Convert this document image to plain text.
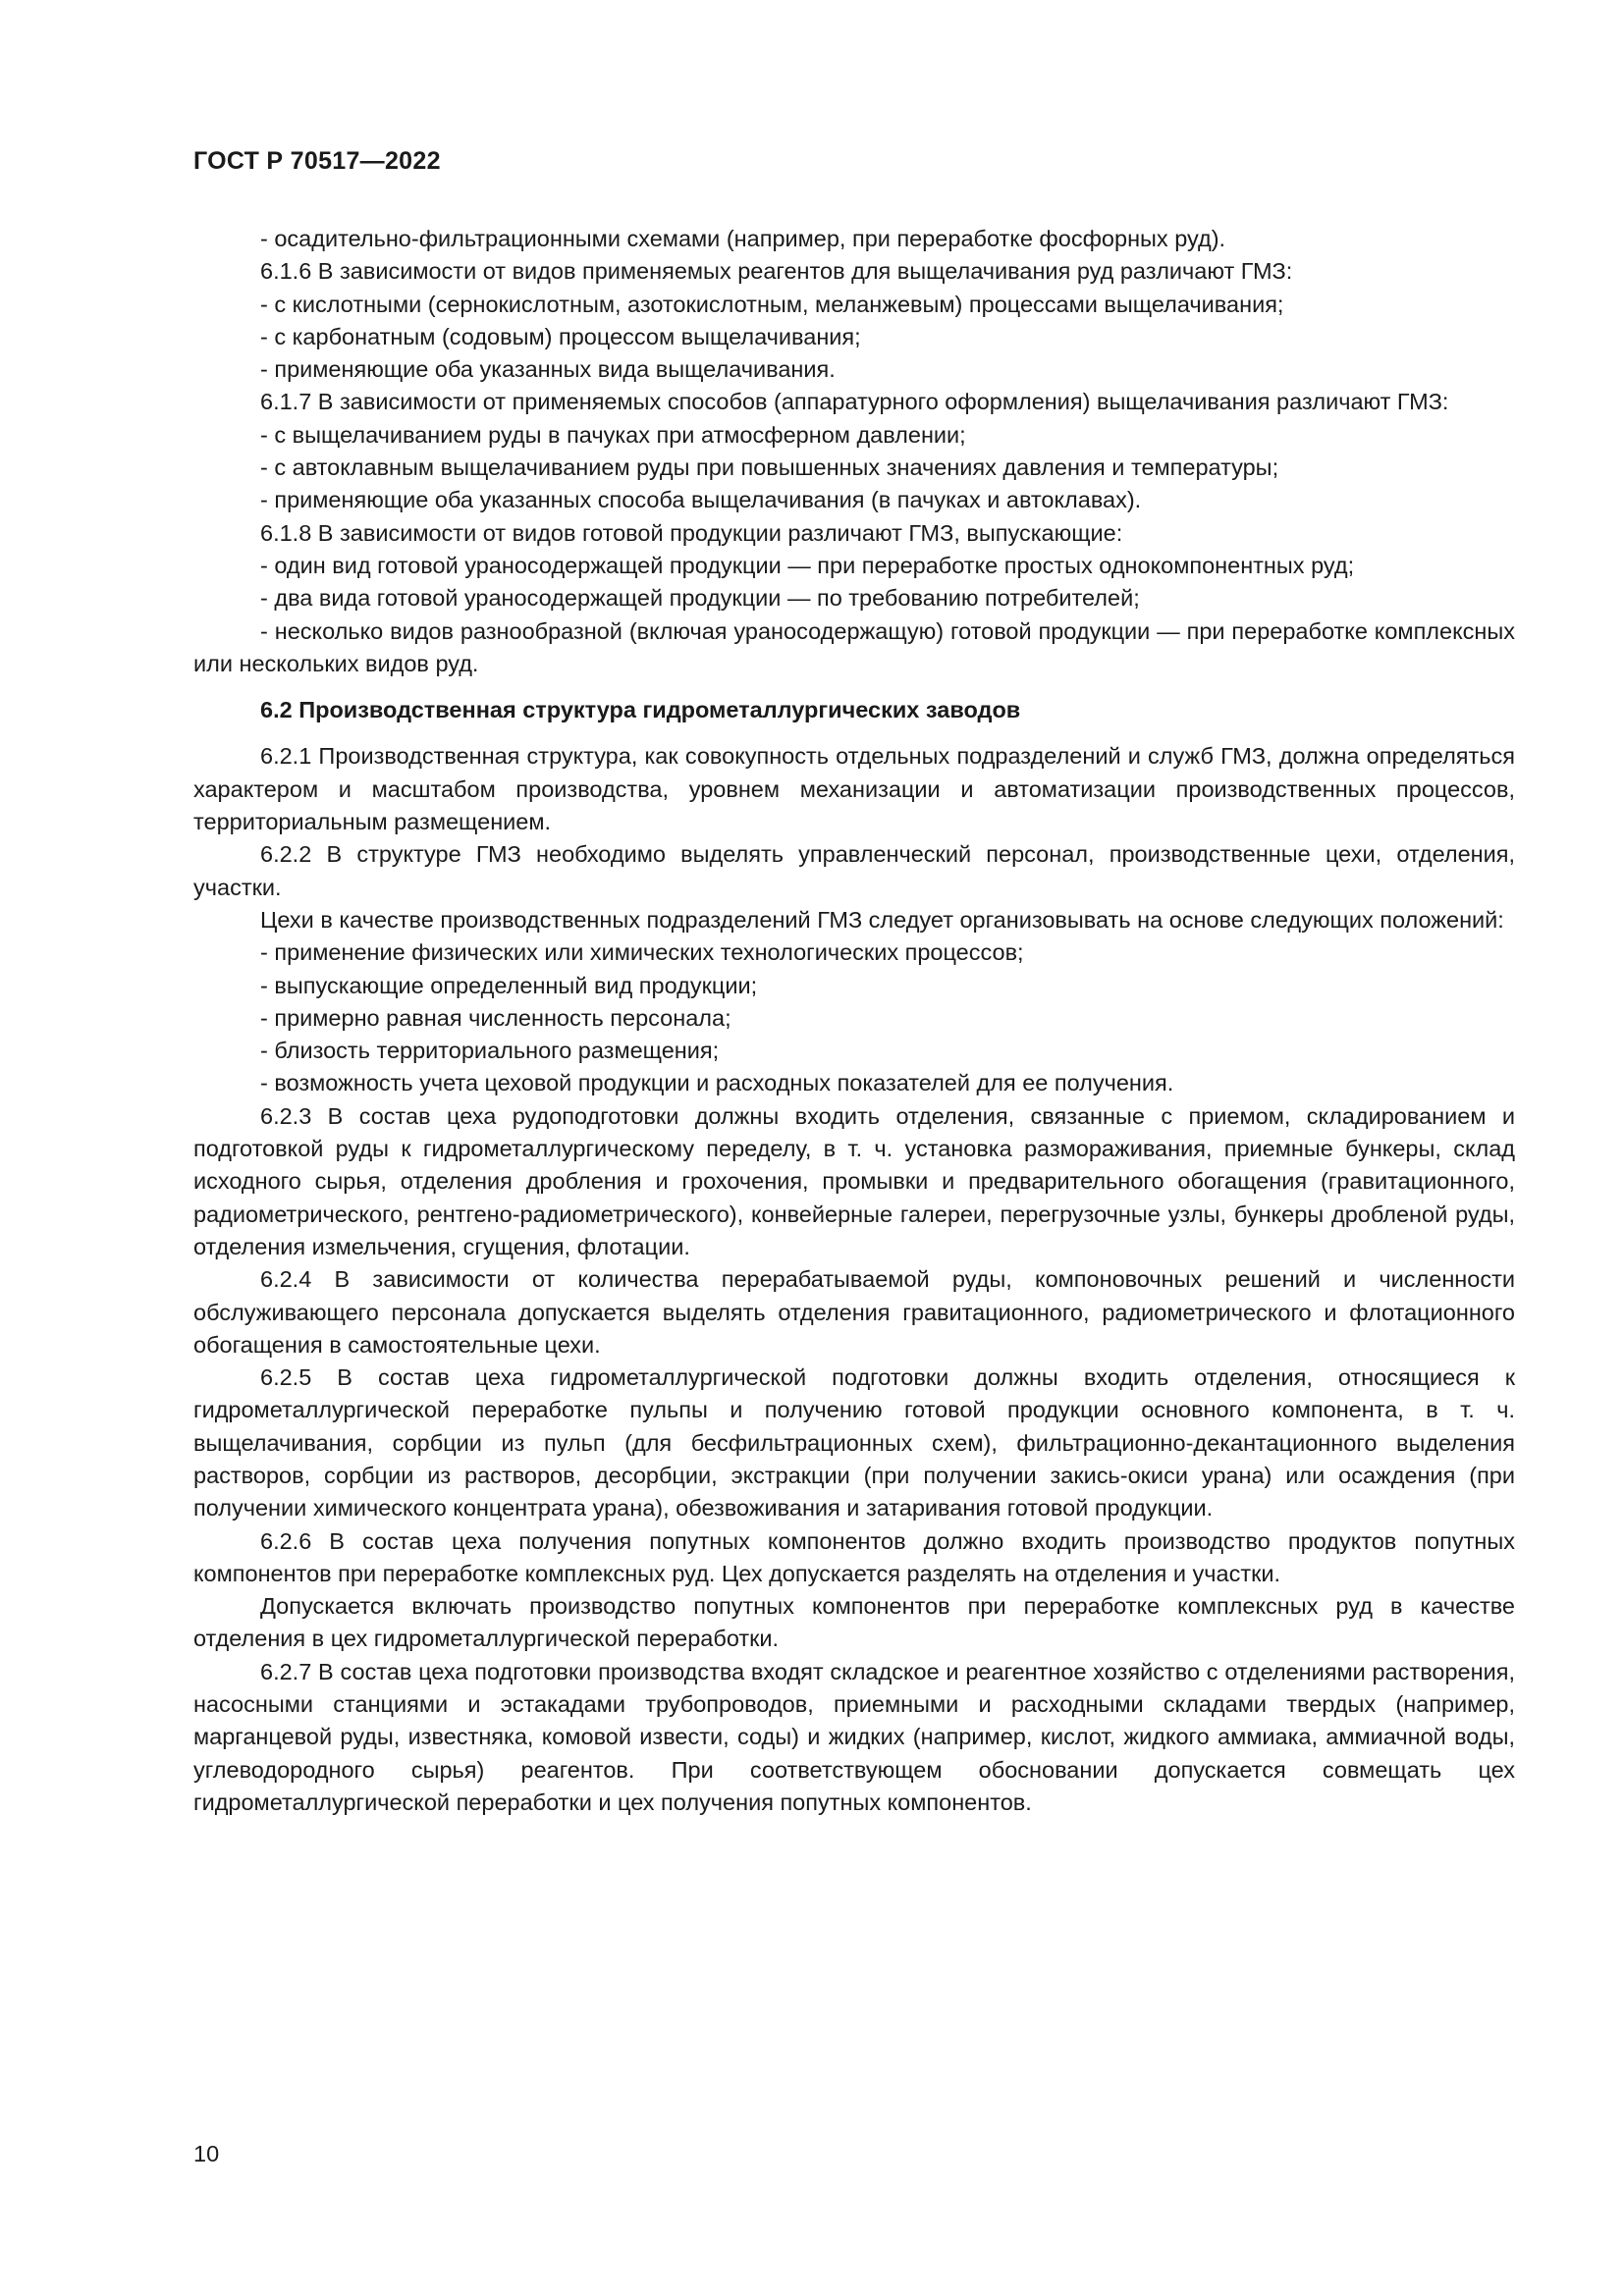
ГОСТ Р 70517—2022

- осадительно-фильтрационными схемами (например, при переработке фосфорных руд).

6.1.6 В зависимости от видов применяемых реагентов для выщелачивания руд различают ГМЗ:

- с кислотными (сернокислотным, азотокислотным, меланжевым) процессами выщелачивания;

- с карбонатным (содовым) процессом выщелачивания;

- применяющие оба указанных вида выщелачивания.

6.1.7 В зависимости от применяемых способов (аппаратурного оформления) выщелачивания различают ГМЗ:

- с выщелачиванием руды в пачуках при атмосферном давлении;

- с автоклавным выщелачиванием руды при повышенных значениях давления и температуры;

- применяющие оба указанных способа выщелачивания (в пачуках и автоклавах).

6.1.8 В зависимости от видов готовой продукции различают ГМЗ, выпускающие:

- один вид готовой ураносодержащей продукции — при переработке простых однокомпонентных руд;

- два вида готовой ураносодержащей продукции — по требованию потребителей;

- несколько видов разнообразной (включая ураносодержащую) готовой продукции — при переработке комплексных или нескольких видов руд.

6.2 Производственная структура гидрометаллургических заводов

6.2.1 Производственная структура, как совокупность отдельных подразделений и служб ГМЗ, должна определяться характером и масштабом производства, уровнем механизации и автоматизации производственных процессов, территориальным размещением.

6.2.2 В структуре ГМЗ необходимо выделять управленческий персонал, производственные цехи, отделения, участки.

Цехи в качестве производственных подразделений ГМЗ следует организовывать на основе следующих положений:

- применение физических или химических технологических процессов;

- выпускающие определенный вид продукции;

- примерно равная численность персонала;

- близость территориального размещения;

- возможность учета цеховой продукции и расходных показателей для ее получения.

6.2.3 В состав цеха рудоподготовки должны входить отделения, связанные с приемом, складированием и подготовкой руды к гидрометаллургическому переделу, в т. ч. установка размораживания, приемные бункеры, склад исходного сырья, отделения дробления и грохочения, промывки и предварительного обогащения (гравитационного, радиометрического, рентгено-радиометрического), конвейерные галереи, перегрузочные узлы, бункеры дробленой руды, отделения измельчения, сгущения, флотации.

6.2.4 В зависимости от количества перерабатываемой руды, компоновочных решений и численности обслуживающего персонала допускается выделять отделения гравитационного, радиометрического и флотационного обогащения в самостоятельные цехи.

6.2.5 В состав цеха гидрометаллургической подготовки должны входить отделения, относящиеся к гидрометаллургической переработке пульпы и получению готовой продукции основного компонента, в т. ч. выщелачивания, сорбции из пульп (для бесфильтрационных схем), фильтрационно-декантационного выделения растворов, сорбции из растворов, десорбции, экстракции (при получении закись-окиси урана) или осаждения (при получении химического концентрата урана), обезвоживания и затаривания готовой продукции.

6.2.6 В состав цеха получения попутных компонентов должно входить производство продуктов попутных компонентов при переработке комплексных руд. Цех допускается разделять на отделения и участки.

Допускается включать производство попутных компонентов при переработке комплексных руд в качестве отделения в цех гидрометаллургической переработки.

6.2.7 В состав цеха подготовки производства входят складское и реагентное хозяйство с отделениями растворения, насосными станциями и эстакадами трубопроводов, приемными и расходными складами твердых (например, марганцевой руды, известняка, комовой извести, соды) и жидких (например, кислот, жидкого аммиака, аммиачной воды, углеводородного сырья) реагентов. При соответствующем обосновании допускается совмещать цех гидрометаллургической переработки и цех получения попутных компонентов.

10
